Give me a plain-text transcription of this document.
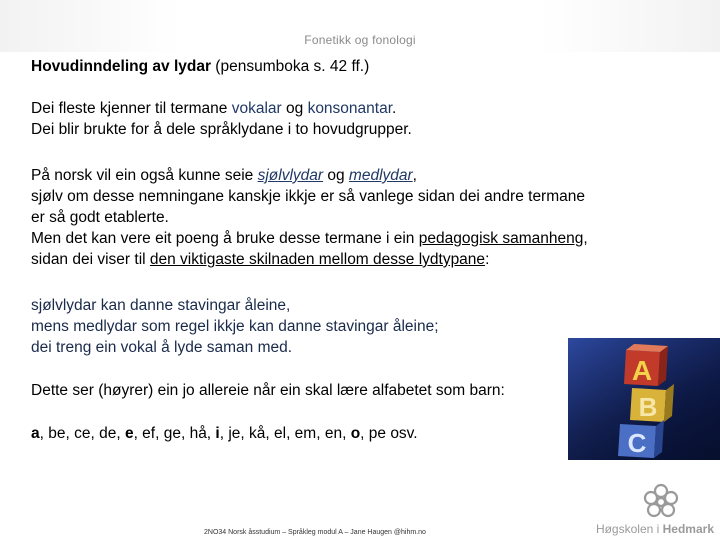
Fonetikk og fonologi

Hovudinndeling av lydar (pensumboka s. 42 ff.)

Dei fleste kjenner til termane vokalar og konsonantar.
Dei blir brukte for å dele språklydane i to hovudgrupper.

På norsk vil ein også kunne seie sjølvlydar og medlydar,
sjølv om desse nemningane kanskje ikkje er så vanlege sidan dei andre termane
er så godt etablerte.
Men det kan vere eit poeng å bruke desse termane i ein pedagogisk samanheng,
sidan dei viser til den viktigaste skilnaden mellom desse lydtypane:

sjølvlydar kan danne stavingar åleine,
mens medlydar som regel ikkje kan danne stavingar åleine;
dei treng ein vokal å lyde saman med.

Dette ser (høyrer) ein jo allereie når ein skal lære alfabetet som barn:

a, be, ce, de, e, ef, ge, hå, i, je, kå, el, em, en, o, pe osv.

A
B
C
2NO34 Norsk åsstudium – Språkleg modul A – Jane Haugen @hihm.no	Høgskolen i Hedmark
